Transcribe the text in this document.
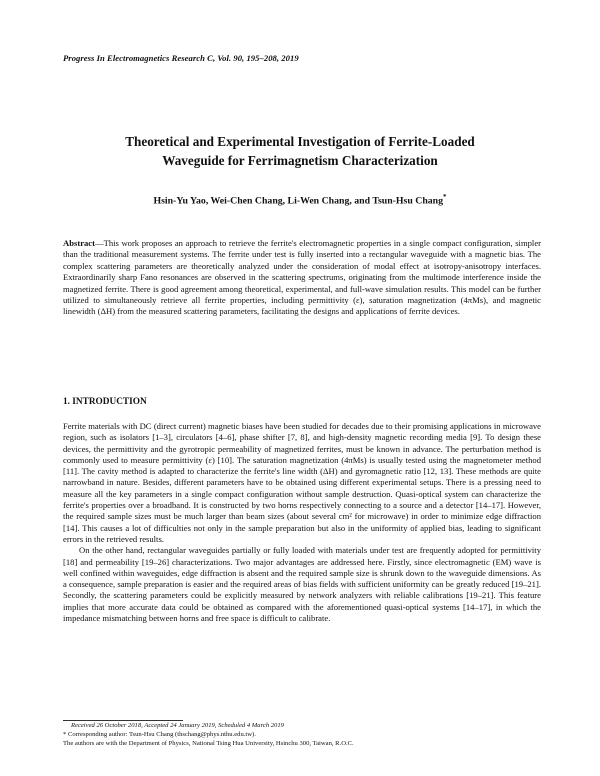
Progress In Electromagnetics Research C, Vol. 90, 195–208, 2019
Theoretical and Experimental Investigation of Ferrite-Loaded
Waveguide for Ferrimagnetism Characterization
Hsin-Yu Yao, Wei-Chen Chang, Li-Wen Chang, and Tsun-Hsu Chang*
Abstract—This work proposes an approach to retrieve the ferrite's electromagnetic properties in a single compact configuration, simpler than the traditional measurement systems. The ferrite under test is fully inserted into a rectangular waveguide with a magnetic bias. The complex scattering parameters are theoretically analyzed under the consideration of modal effect at isotropy-anisotropy interfaces. Extraordinarily sharp Fano resonances are observed in the scattering spectrums, originating from the multimode interference inside the magnetized ferrite. There is good agreement among theoretical, experimental, and full-wave simulation results. This model can be further utilized to simultaneously retrieve all ferrite properties, including permittivity (ε), saturation magnetization (4πMs), and magnetic linewidth (ΔH) from the measured scattering parameters, facilitating the designs and applications of ferrite devices.
1. INTRODUCTION

Ferrite materials with DC (direct current) magnetic biases have been studied for decades due to their promising applications in microwave region, such as isolators [1–3], circulators [4–6], phase shifter [7, 8], and high-density magnetic recording media [9]. To design these devices, the permittivity and the gyrotropic permeability of magnetized ferrites, must be known in advance. The perturbation method is commonly used to measure permittivity (ε) [10]. The saturation magnetization (4πMs) is usually tested using the magnetometer method [11]. The cavity method is adapted to characterize the ferrite's line width (ΔH) and gyromagnetic ratio [12, 13]. These methods are quite narrowband in nature. Besides, different parameters have to be obtained using different experimental setups. There is a pressing need to measure all the key parameters in a single compact configuration without sample destruction. Quasi-optical system can characterize the ferrite's properties over a broadband. It is constructed by two horns respectively connecting to a source and a detector [14–17]. However, the required sample sizes must be much larger than beam sizes (about several cm² for microwave) in order to minimize edge diffraction [14]. This causes a lot of difficulties not only in the sample preparation but also in the uniformity of applied bias, leading to significant errors in the retrieved results.

On the other hand, rectangular waveguides partially or fully loaded with materials under test are frequently adopted for permittivity [18] and permeability [19–26] characterizations. Two major advantages are addressed here. Firstly, since electromagnetic (EM) wave is well confined within waveguides, edge diffraction is absent and the required sample size is shrunk down to the waveguide dimensions. As a consequence, sample preparation is easier and the required areas of bias fields with sufficient uniformity can be greatly reduced [19–21]. Secondly, the scattering parameters could be explicitly measured by network analyzers with reliable calibrations [19–21]. This feature implies that more accurate data could be obtained as compared with the aforementioned quasi-optical systems [14–17], in which the impedance mismatching between horns and free space is difficult to calibrate.

Received 26 October 2018, Accepted 24 January 2019, Scheduled 4 March 2019
* Corresponding author: Tsun-Hsu Chang (thschang@phys.nthu.edu.tw).
The authors are with the Department of Physics, National Tsing Hua University, Hsinchu 300, Taiwan, R.O.C.
